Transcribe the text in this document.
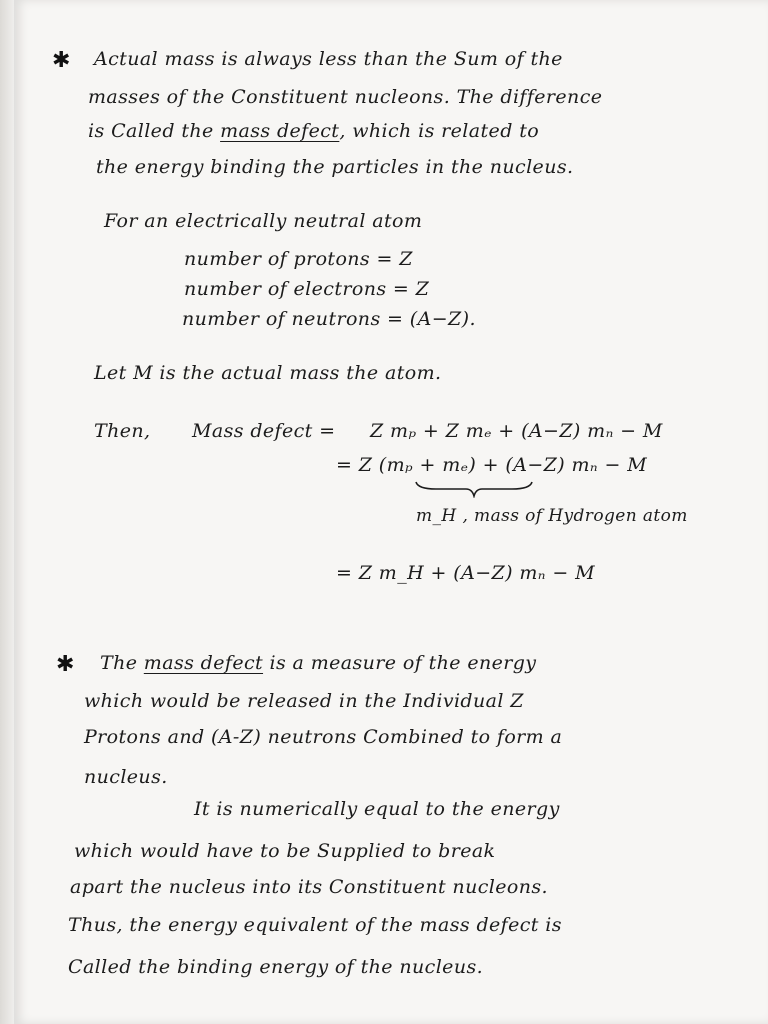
✱ Actual mass is always less than the Sum of the
masses of the Constituent nucleons. The difference
is Called the mass defect, which is related to
the energy binding the particles in the nucleus.
For an electrically neutral atom
number of protons = Z
number of electrons = Z
number of neutrons = (A−Z).
Let M is the actual mass the atom.
Then, Mass defect = Z mₚ + Z mₑ + (A−Z) mₙ − M
= Z (mₚ + mₑ) + (A−Z) mₙ − M
m_H , mass of Hydrogen atom
= Z m_H + (A−Z) mₙ − M
✱ The mass defect is a measure of the energy
which would be released in the Individual Z
Protons and (A-Z) neutrons Combined to form a
nucleus.
It is numerically equal to the energy
which would have to be Supplied to break
apart the nucleus into its Constituent nucleons.
Thus, the energy equivalent of the mass defect is
Called the binding energy of the nucleus.
